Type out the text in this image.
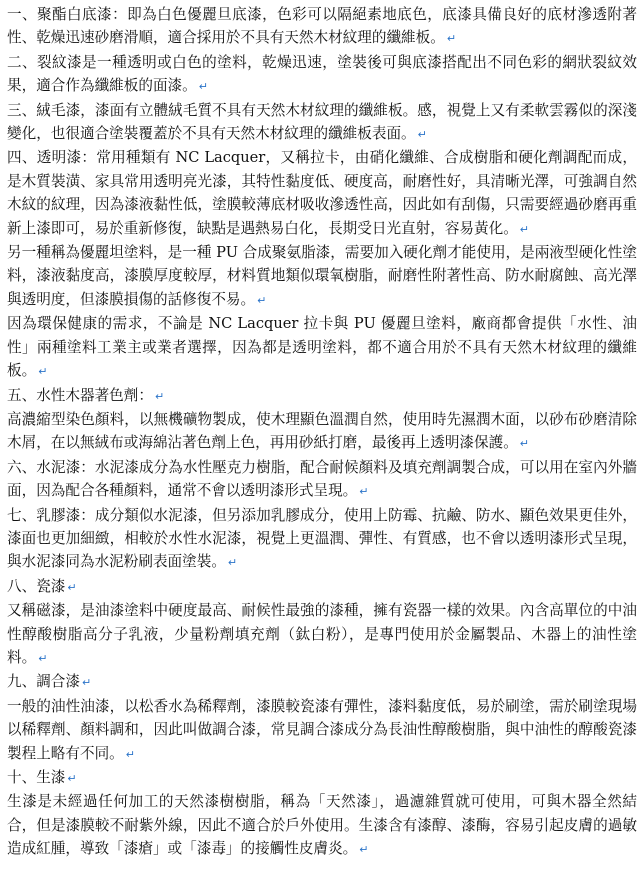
一、聚酯白底漆：即為白色優麗旦底漆，色彩可以隔絕素地底色，底漆具備良好的底材滲透附著性、乾燥迅速砂磨滑順，適合採用於不具有天然木材紋理的纖維板。 ↵

二、裂紋漆是一種透明或白色的塗料，乾燥迅速，塗裝後可與底漆搭配出不同色彩的網狀裂紋效果，適合作為纖維板的面漆。 ↵

三、絨毛漆，漆面有立體絨毛質不具有天然木材紋理的纖維板。感，視覺上又有柔軟雲霧似的深淺變化，也很適合塗裝覆蓋於不具有天然木材紋理的纖維板表面。 ↵

四、透明漆：常用種類有 NC Lacquer，又稱拉卡，由硝化纖維、合成樹脂和硬化劑調配而成，是木質裝潢、家具常用透明亮光漆，其特性黏度低、硬度高，耐磨性好，具清晰光澤，可強調自然木紋的紋理，因為漆液黏性低，塗膜較薄底材吸收滲透性高，因此如有刮傷，只需要經過砂磨再重新上漆即可，易於重新修復，缺點是遇熱易白化，長期受日光直射，容易黃化。 ↵

另一種稱為優麗坦塗料，是一種 PU 合成聚氨脂漆，需要加入硬化劑才能使用，是兩液型硬化性塗料，漆液黏度高，漆膜厚度較厚，材料質地類似環氧樹脂，耐磨性附著性高、防水耐腐蝕、高光澤與透明度，但漆膜損傷的話修復不易。 ↵

因為環保健康的需求，不論是 NC Lacquer 拉卡與 PU 優麗旦塗料，廠商都會提供「水性、油性」兩種塗料工業主或業者選擇，因為都是透明塗料，都不適合用於不具有天然木材紋理的纖維板。 ↵

五、水性木器著色劑： ↵

高濃縮型染色顏料，以無機礦物製成，使木理顯色溫潤自然，使用時先濕潤木面，以砂布砂磨清除木屑，在以無絨布或海綿沾著色劑上色，再用砂紙打磨，最後再上透明漆保護。 ↵

六、水泥漆：水泥漆成分為水性壓克力樹脂，配合耐候顏料及填充劑調製合成，可以用在室內外牆面，因為配合各種顏料，通常不會以透明漆形式呈現。 ↵

七、乳膠漆：成分類似水泥漆，但另添加乳膠成分，使用上防霉、抗鹼、防水、顯色效果更佳外，漆面也更加細緻，相較於水性水泥漆，視覺上更溫潤、彈性、有質感，也不會以透明漆形式呈現，與水泥漆同為水泥粉刷表面塗裝。 ↵

八、瓷漆 ↵

又稱磁漆，是油漆塗料中硬度最高、耐候性最強的漆種，擁有瓷器一樣的效果。內含高單位的中油性醇酸樹脂高分子乳液，少量粉劑填充劑（鈦白粉），是專門使用於金屬製品、木器上的油性塗料。 ↵

九、調合漆 ↵

一般的油性油漆，以松香水為稀釋劑，漆膜較瓷漆有彈性，漆料黏度低，易於刷塗，需於刷塗現場以稀釋劑、顏料調和，因此叫做調合漆，常見調合漆成分為長油性醇酸樹脂，與中油性的醇酸瓷漆製程上略有不同。 ↵

十、生漆 ↵

生漆是未經過任何加工的天然漆樹樹脂，稱為「天然漆」，過濾雜質就可使用，可與木器全然結合，但是漆膜較不耐紫外線，因此不適合於戶外使用。生漆含有漆醇、漆酶，容易引起皮膚的過敏造成紅腫，導致「漆瘡」或「漆毒」的接觸性皮膚炎。 ↵
